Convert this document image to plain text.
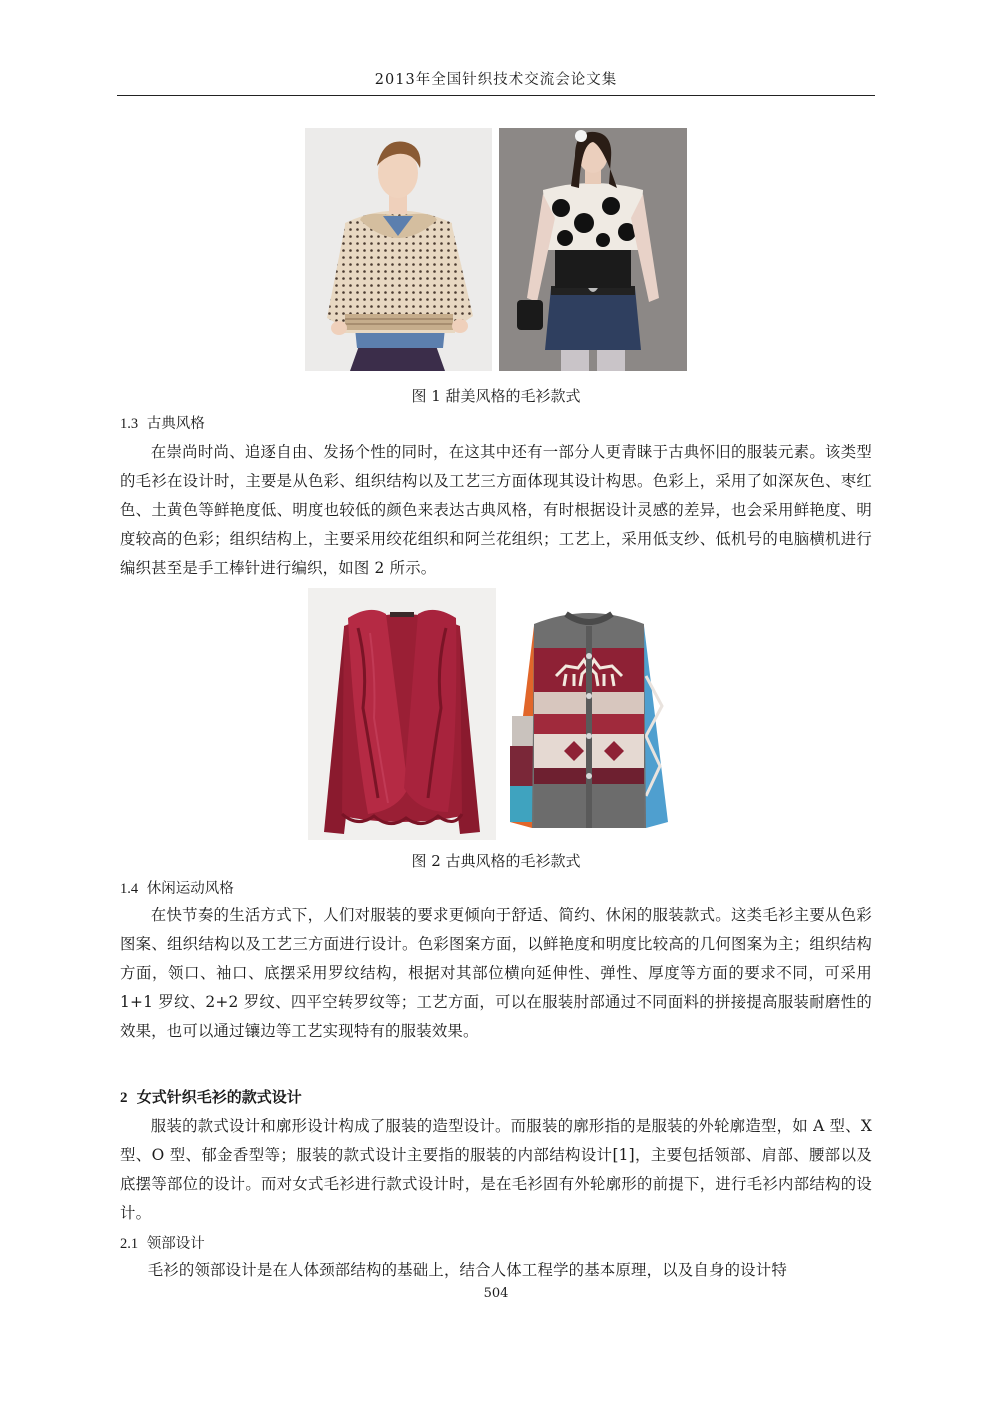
2013年全国针织技术交流会论文集
图 1 甜美风格的毛衫款式
1.3 古典风格

在崇尚时尚、追逐自由、发扬个性的同时，在这其中还有一部分人更青睐于古典怀旧的服装元素。该类型的毛衫在设计时，主要是从色彩、组织结构以及工艺三方面体现其设计构思。色彩上，采用了如深灰色、枣红色、土黄色等鲜艳度低、明度也较低的颜色来表达古典风格，有时根据设计灵感的差异，也会采用鲜艳度、明度较高的色彩；组织结构上，主要采用绞花组织和阿兰花组织；工艺上，采用低支纱、低机号的电脑横机进行编织甚至是手工棒针进行编织，如图 2 所示。

图 2 古典风格的毛衫款式
1.4 休闲运动风格

在快节奏的生活方式下，人们对服装的要求更倾向于舒适、简约、休闲的服装款式。这类毛衫主要从色彩图案、组织结构以及工艺三方面进行设计。色彩图案方面，以鲜艳度和明度比较高的几何图案为主；组织结构方面，领口、袖口、底摆采用罗纹结构，根据对其部位横向延伸性、弹性、厚度等方面的要求不同，可采用 1+1 罗纹、2+2 罗纹、四平空转罗纹等；工艺方面，可以在服装肘部通过不同面料的拼接提高服装耐磨性的效果，也可以通过镶边等工艺实现特有的服装效果。

2 女式针织毛衫的款式设计

服装的款式设计和廓形设计构成了服装的造型设计。而服装的廓形指的是服装的外轮廓造型，如 A 型、X 型、O 型、郁金香型等；服装的款式设计主要指的服装的内部结构设计[1]，主要包括领部、肩部、腰部以及底摆等部位的设计。而对女式毛衫进行款式设计时，是在毛衫固有外轮廓形的前提下，进行毛衫内部结构的设计。

2.1 领部设计

毛衫的领部设计是在人体颈部结构的基础上，结合人体工程学的基本原理，以及自身的设计特

504
